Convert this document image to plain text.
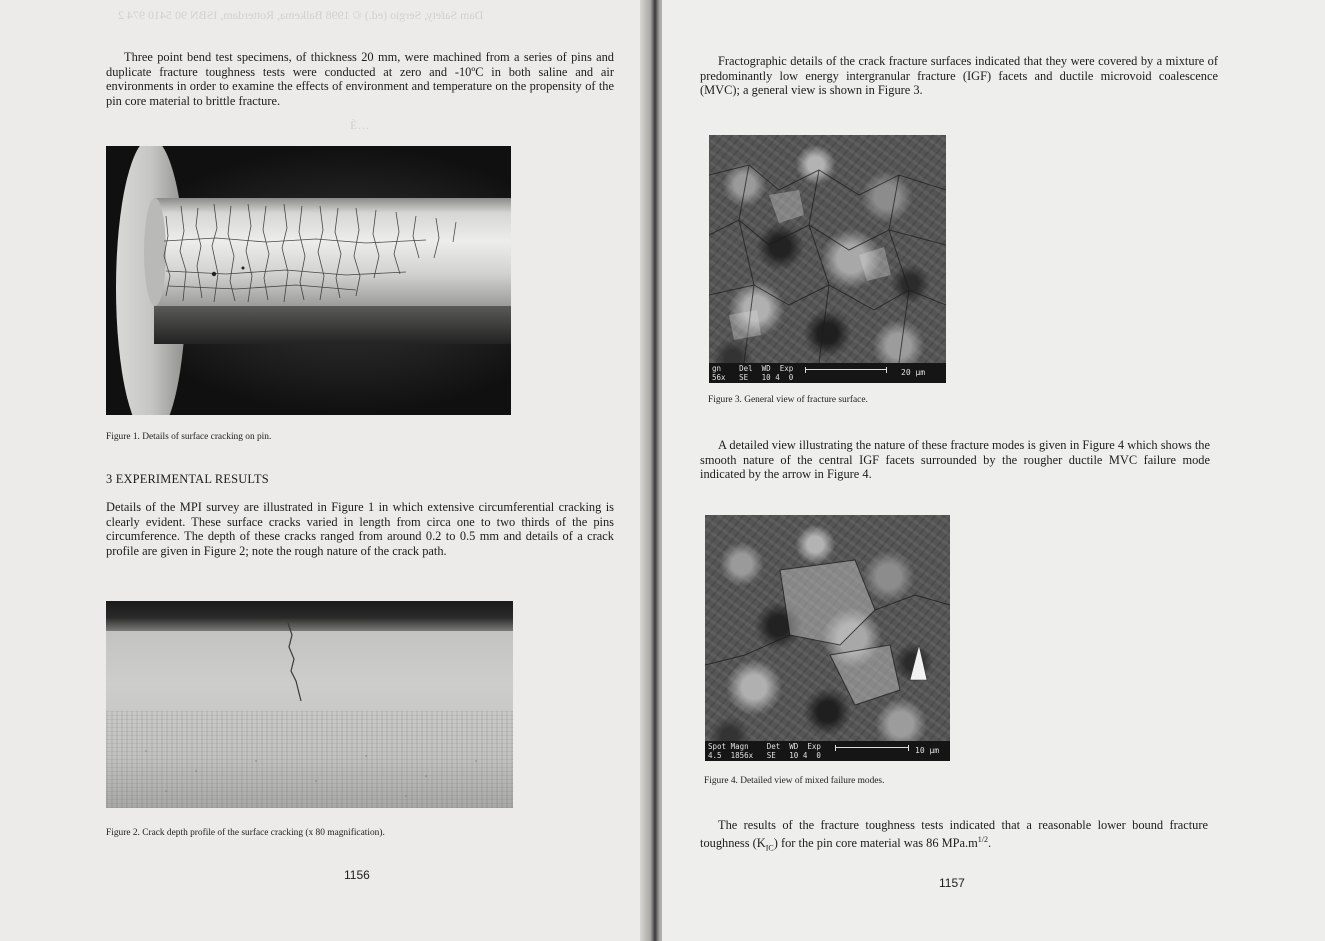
Dam Safety, Sergio (ed.) © 1998 Balkema, Rotterdam, ISBN 90 5410 974 2
Ѐ…

Three point bend test specimens, of thickness 20 mm, were machined from a series of pins and duplicate fracture toughness tests were conducted at zero and -10ºC in both saline and air environments in order to examine the effects of environment and temperature on the propensity of the pin core material to brittle fracture.

Figure 1. Details of surface cracking on pin.

3 EXPERIMENTAL RESULTS

Details of the MPI survey are illustrated in Figure 1 in which extensive circumferential cracking is clearly evident. These surface cracks varied in length from circa one to two thirds of the pins circumference. The depth of these cracks ranged from around 0.2 to 0.5 mm and details of a crack profile are given in Figure 2; note the rough nature of the crack path.

Figure 2. Crack depth profile of the surface cracking (x 80 magnification).

1156

Fractographic details of the crack fracture surfaces indicated that they were covered by a mixture of predominantly low energy intergranular fracture (IGF) facets and ductile microvoid coalescence (MVC); a general view is shown in Figure 3.

Figure 3. General view of fracture surface.

A detailed view illustrating the nature of these fracture modes is given in Figure 4 which shows the smooth nature of the central IGF facets surrounded by the rougher ductile MVC failure mode indicated by the arrow in Figure 4.

Figure 4. Detailed view of mixed failure modes.

The results of the fracture toughness tests indicated that a reasonable lower bound fracture toughness $(K_{IC})$ for the pin core material was 86 $MPa.m^{1/2}$.

1157
gn    Del  WD  Exp
56x   SE   10 4  0
20 µm
Spot Magn    Det  WD  Exp
4.5  1856x   SE   10 4  0
10 µm
